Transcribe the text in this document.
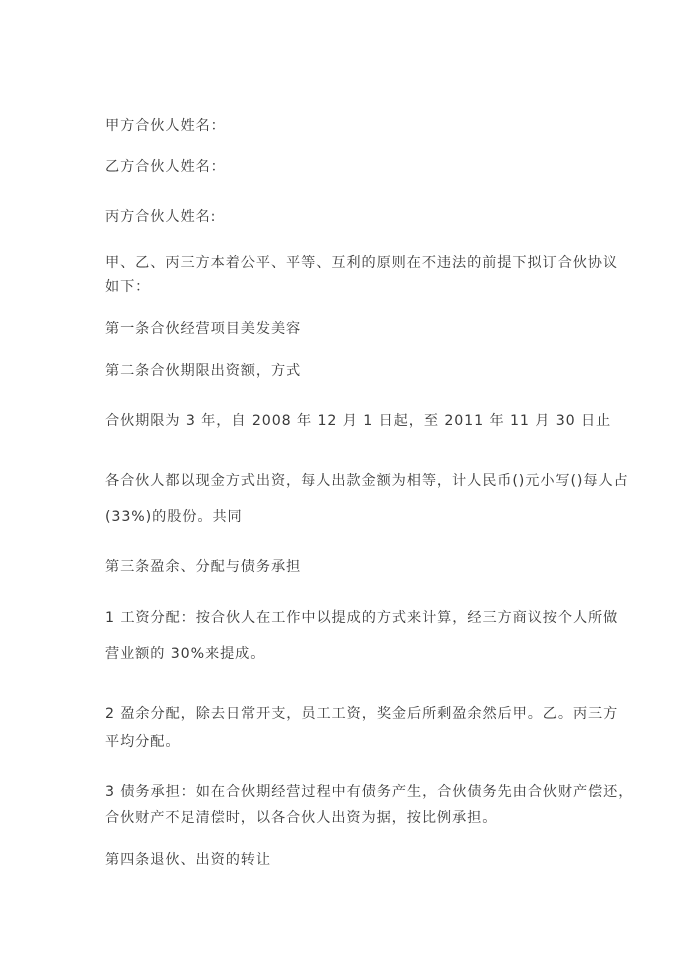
甲方合伙人姓名：
乙方合伙人姓名：
丙方合伙人姓名:
甲、乙、丙三方本着公平、平等、互利的原则在不违法的前提下拟订合伙协议
如下：
第一条合伙经营项目美发美容
第二条合伙期限出资额，方式
合伙期限为 3 年，自 2008 年 12 月 1 日起，至 2011 年 11 月 30 日止
各合伙人都以现金方式出资，每人出款金额为相等，计人民币()元小写()每人占
(33%)的股份。共同
第三条盈余、分配与债务承担
1 工资分配：按合伙人在工作中以提成的方式来计算，经三方商议按个人所做
营业额的 30%来提成。
2 盈余分配，除去日常开支，员工工资，奖金后所剩盈余然后甲。乙。丙三方
平均分配。
3 债务承担：如在合伙期经营过程中有债务产生，合伙债务先由合伙财产偿还，
合伙财产不足清偿时，以各合伙人出资为据，按比例承担。
第四条退伙、出资的转让
